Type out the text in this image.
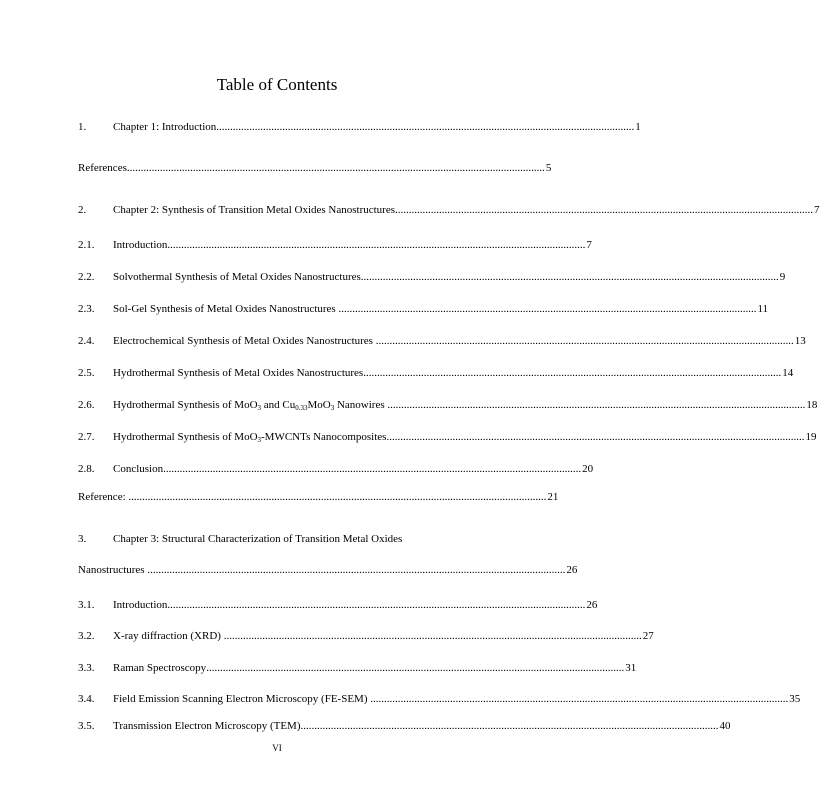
Table of Contents
1. Chapter 1: Introduction ........................................................................................................................................................ 1
References ........................................................................................................................................................ 5
2. Chapter 2: Synthesis of Transition Metal Oxides Nanostructures ........................................................................................................................................................ 7
2.1. Introduction ........................................................................................................................................................ 7
2.2. Solvothermal Synthesis of Metal Oxides Nanostructures ........................................................................................................................................................ 9
2.3. Sol-Gel Synthesis of Metal Oxides Nanostructures ........................................................................................................................................................ 11
2.4. Electrochemical Synthesis of Metal Oxides Nanostructures ........................................................................................................................................................ 13
2.5. Hydrothermal Synthesis of Metal Oxides Nanostructures ........................................................................................................................................................ 14
2.6. Hydrothermal Synthesis of MoO$_3$ and $Cu_{0.33}MoO_3$ Nanowires ........................................................................................................................................................ 18
2.7. Hydrothermal Synthesis of MoO$_3$-MWCNTs Nanocomposites ........................................................................................................................................................ 19
2.8. Conclusion ........................................................................................................................................................ 20
Reference: ........................................................................................................................................................ 21
3. Chapter 3: Structural Characterization of Transition Metal Oxides
Nanostructures ........................................................................................................................................................ 26
3.1. Introduction ........................................................................................................................................................ 26
3.2. X-ray diffraction (XRD) ........................................................................................................................................................ 27
3.3. Raman Spectroscopy ........................................................................................................................................................ 31
3.4. Field Emission Scanning Electron Microscopy (FE-SEM) ........................................................................................................................................................ 35
3.5. Transmission Electron Microscopy (TEM) ........................................................................................................................................................ 40
VI
